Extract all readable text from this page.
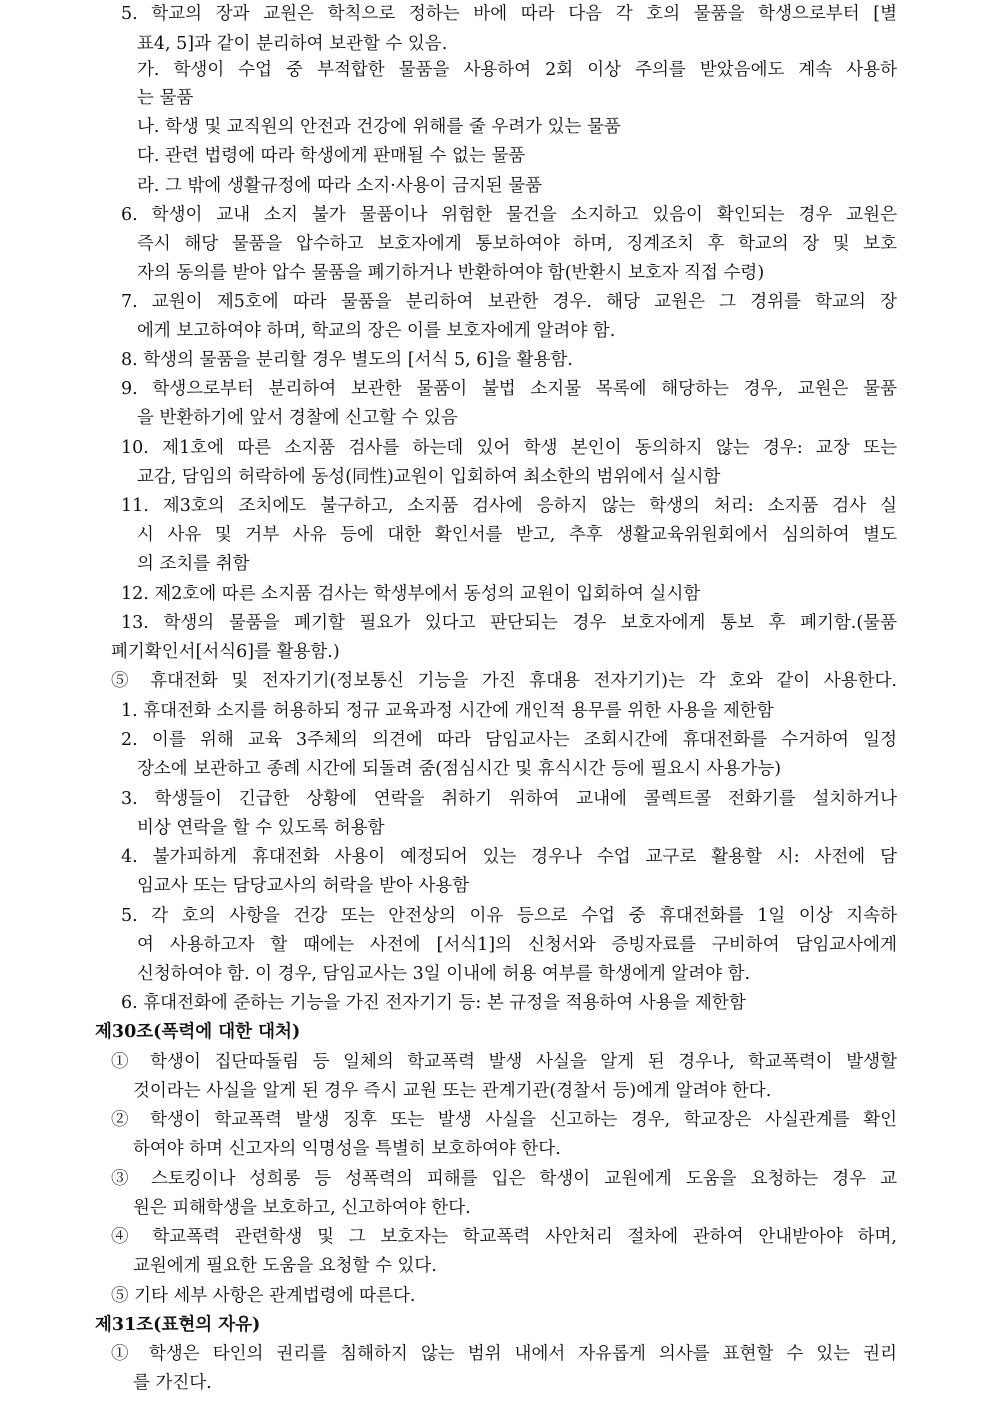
5. 학교의 장과 교원은 학칙으로 정하는 바에 따라 다음 각 호의 물품을 학생으로부터 [별
표4, 5]과 같이 분리하여 보관할 수 있음.
가. 학생이 수업 중 부적합한 물품을 사용하여 2회 이상 주의를 받았음에도 계속 사용하
는 물품
나. 학생 및 교직원의 안전과 건강에 위해를 줄 우려가 있는 물품
다. 관련 법령에 따라 학생에게 판매될 수 없는 물품
라. 그 밖에 생활규정에 따라 소지·사용이 금지된 물품
6. 학생이 교내 소지 불가 물품이나 위험한 물건을 소지하고 있음이 확인되는 경우 교원은
즉시 해당 물품을 압수하고 보호자에게 통보하여야 하며, 징계조치 후 학교의 장 및 보호
자의 동의를 받아 압수 물품을 폐기하거나 반환하여야 함(반환시 보호자 직접 수령)
7. 교원이 제5호에 따라 물품을 분리하여 보관한 경우. 해당 교원은 그 경위를 학교의 장
에게 보고하여야 하며, 학교의 장은 이를 보호자에게 알려야 함.
8. 학생의 물품을 분리할 경우 별도의 [서식 5, 6]을 활용함.
9. 학생으로부터 분리하여 보관한 물품이 불법 소지물 목록에 해당하는 경우, 교원은 물품
을 반환하기에 앞서 경찰에 신고할 수 있음
10. 제1호에 따른 소지품 검사를 하는데 있어 학생 본인이 동의하지 않는 경우: 교장 또는
교감, 담임의 허락하에 동성(同性)교원이 입회하여 최소한의 범위에서 실시함
11. 제3호의 조치에도 불구하고, 소지품 검사에 응하지 않는 학생의 처리: 소지품 검사 실
시 사유 및 거부 사유 등에 대한 확인서를 받고, 추후 생활교육위원회에서 심의하여 별도
의 조치를 취함
12. 제2호에 따른 소지품 검사는 학생부에서 동성의 교원이 입회하여 실시함
13. 학생의 물품을 폐기할 필요가 있다고 판단되는 경우 보호자에게 통보 후 폐기함.(물품
폐기확인서[서식6]를 활용함.)
⑤ 휴대전화 및 전자기기(정보통신 기능을 가진 휴대용 전자기기)는 각 호와 같이 사용한다.
1. 휴대전화 소지를 허용하되 정규 교육과정 시간에 개인적 용무를 위한 사용을 제한함
2. 이를 위해 교육 3주체의 의견에 따라 담임교사는 조회시간에 휴대전화를 수거하여 일정
장소에 보관하고 종례 시간에 되돌려 줌(점심시간 및 휴식시간 등에 필요시 사용가능)
3. 학생들이 긴급한 상황에 연락을 취하기 위하여 교내에 콜렉트콜 전화기를 설치하거나
비상 연락을 할 수 있도록 허용함
4. 불가피하게 휴대전화 사용이 예정되어 있는 경우나 수업 교구로 활용할 시: 사전에 담
임교사 또는 담당교사의 허락을 받아 사용함
5. 각 호의 사항을 건강 또는 안전상의 이유 등으로 수업 중 휴대전화를 1일 이상 지속하
여 사용하고자 할 때에는 사전에 [서식1]의 신청서와 증빙자료를 구비하여 담임교사에게
신청하여야 함. 이 경우, 담임교사는 3일 이내에 허용 여부를 학생에게 알려야 함.
6. 휴대전화에 준하는 기능을 가진 전자기기 등: 본 규정을 적용하여 사용을 제한함
제30조(폭력에 대한 대처)
① 학생이 집단따돌림 등 일체의 학교폭력 발생 사실을 알게 된 경우나, 학교폭력이 발생할
것이라는 사실을 알게 된 경우 즉시 교원 또는 관계기관(경찰서 등)에게 알려야 한다.
② 학생이 학교폭력 발생 징후 또는 발생 사실을 신고하는 경우, 학교장은 사실관계를 확인
하여야 하며 신고자의 익명성을 특별히 보호하여야 한다.
③ 스토킹이나 성희롱 등 성폭력의 피해를 입은 학생이 교원에게 도움을 요청하는 경우 교
원은 피해학생을 보호하고, 신고하여야 한다.
④ 학교폭력 관련학생 및 그 보호자는 학교폭력 사안처리 절차에 관하여 안내받아야 하며,
교원에게 필요한 도움을 요청할 수 있다.
⑤ 기타 세부 사항은 관계법령에 따른다.
제31조(표현의 자유)
① 학생은 타인의 권리를 침해하지 않는 범위 내에서 자유롭게 의사를 표현할 수 있는 권리
를 가진다.
